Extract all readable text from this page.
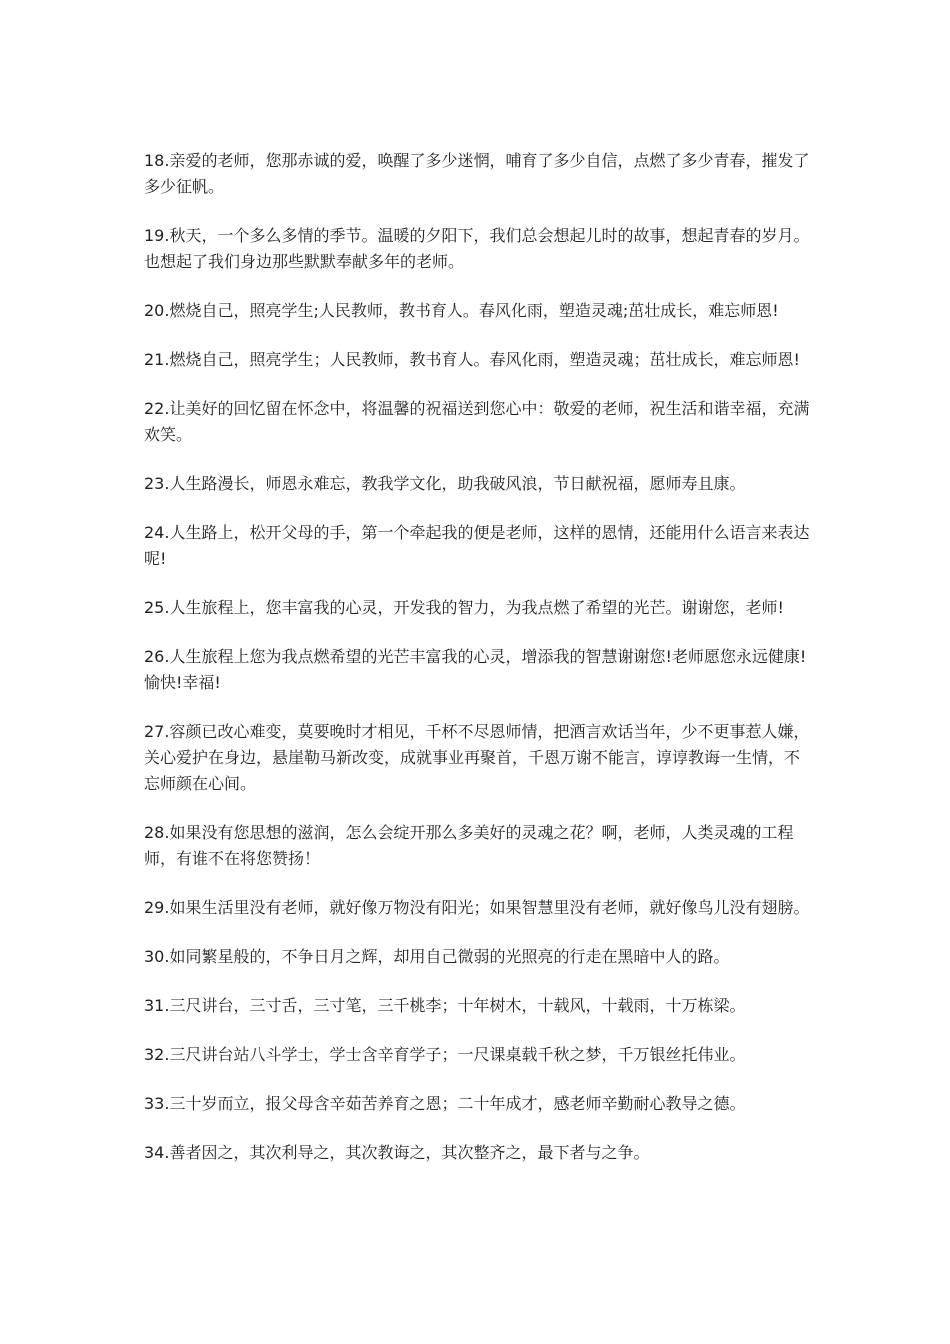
18.亲爱的老师，您那赤诚的爱，唤醒了多少迷惘，哺育了多少自信，点燃了多少青春，摧发了多少征帆。

19.秋天，一个多么多情的季节。温暖的夕阳下，我们总会想起儿时的故事，想起青春的岁月。也想起了我们身边那些默默奉献多年的老师。

20.燃烧自己，照亮学生;人民教师，教书育人。春风化雨，塑造灵魂;茁壮成长，难忘师恩!

21.燃烧自己，照亮学生；人民教师，教书育人。春风化雨，塑造灵魂；茁壮成长，难忘师恩!

22.让美好的回忆留在怀念中，将温馨的祝福送到您心中：敬爱的老师，祝生活和谐幸福，充满欢笑。

23.人生路漫长，师恩永难忘，教我学文化，助我破风浪，节日献祝福，愿师寿且康。

24.人生路上，松开父母的手，第一个牵起我的便是老师，这样的恩情，还能用什么语言来表达呢!

25.人生旅程上，您丰富我的心灵，开发我的智力，为我点燃了希望的光芒。谢谢您，老师!

26.人生旅程上您为我点燃希望的光芒丰富我的心灵，增添我的智慧谢谢您!老师愿您永远健康!愉快!幸福!

27.容颜已改心难变，莫要晚时才相见，千杯不尽恩师情，把酒言欢话当年，少不更事惹人嫌，关心爱护在身边，悬崖勒马新改变，成就事业再聚首，千恩万谢不能言，谆谆教诲一生情，不忘师颜在心间。

28.如果没有您思想的滋润，怎么会绽开那么多美好的灵魂之花？啊，老师，人类灵魂的工程师，有谁不在将您赞扬！

29.如果生活里没有老师，就好像万物没有阳光；如果智慧里没有老师，就好像鸟儿没有翅膀。

30.如同繁星般的，不争日月之辉，却用自己微弱的光照亮的行走在黑暗中人的路。

31.三尺讲台，三寸舌，三寸笔，三千桃李；十年树木，十载风，十载雨，十万栋梁。

32.三尺讲台站八斗学士，学士含辛育学子；一尺课桌载千秋之梦，千万银丝托伟业。

33.三十岁而立，报父母含辛茹苦养育之恩；二十年成才，感老师辛勤耐心教导之德。

34.善者因之，其次利导之，其次教诲之，其次整齐之，最下者与之争。
